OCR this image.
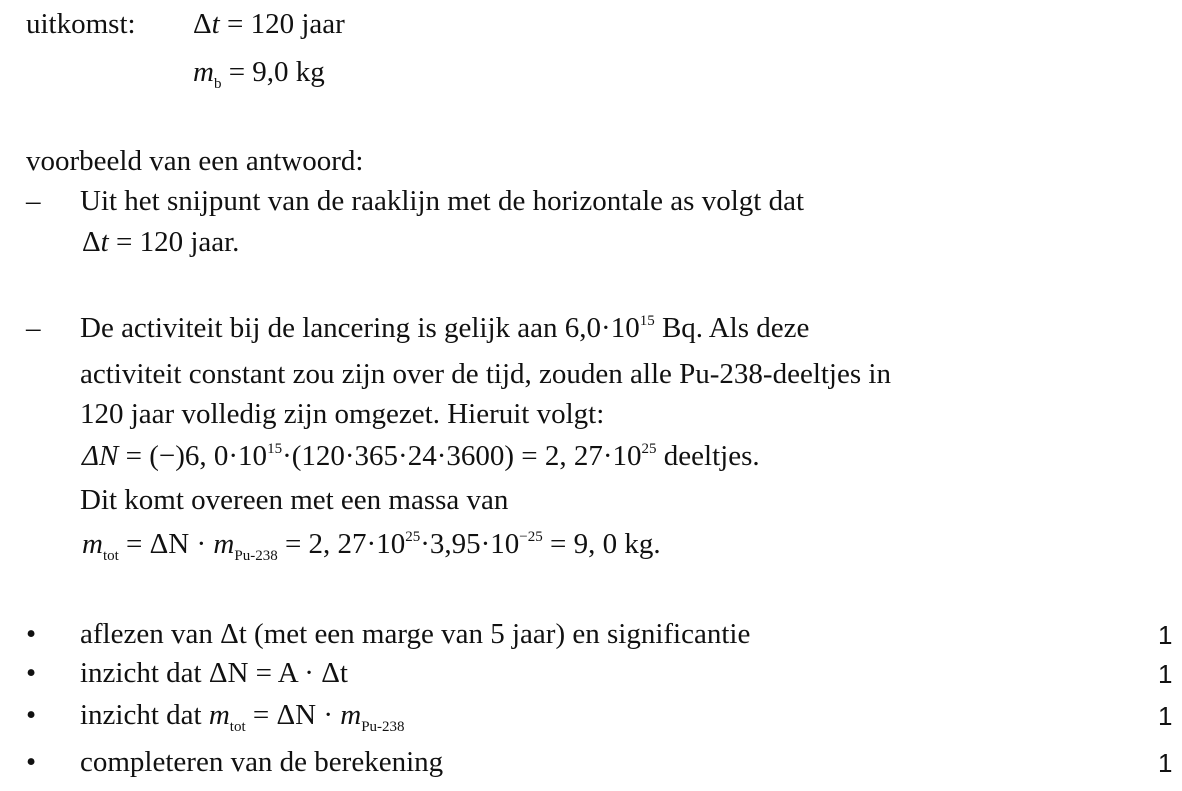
uitkomst: Δt = 120 jaar
$m_b = 9,0$ kg
voorbeeld van een antwoord:
– Uit het snijpunt van de raaklijn met de horizontale as volgt dat
Δt = 120 jaar.
– De activiteit bij de lancering is gelijk aan $6,0\cdot 10^{15}$ Bq. Als deze
activiteit constant zou zijn over de tijd, zouden alle Pu-238-deeltjes in
120 jaar volledig zijn omgezet. Hieruit volgt:
ΔN = (−)6, $0\cdot 10^{15}\cdot(120\cdot 365\cdot 24\cdot 3600) = 2$, $27\cdot 10^{25}$ deeltjes.
Dit komt overeen met een massa van
$m_{tot} = \Delta N \cdot m_{Pu-238} = 2$, $27\cdot 10^{25}\cdot 3,95\cdot 10^{-25} = 9$, 0 kg.
• aflezen van Δt (met een marge van 5 jaar) en significantie	1
• inzicht dat ΔN = A · Δt	1
• inzicht dat $m_{tot} = \Delta N \cdot m_{Pu-238}$	1
• completeren van de berekening	1
